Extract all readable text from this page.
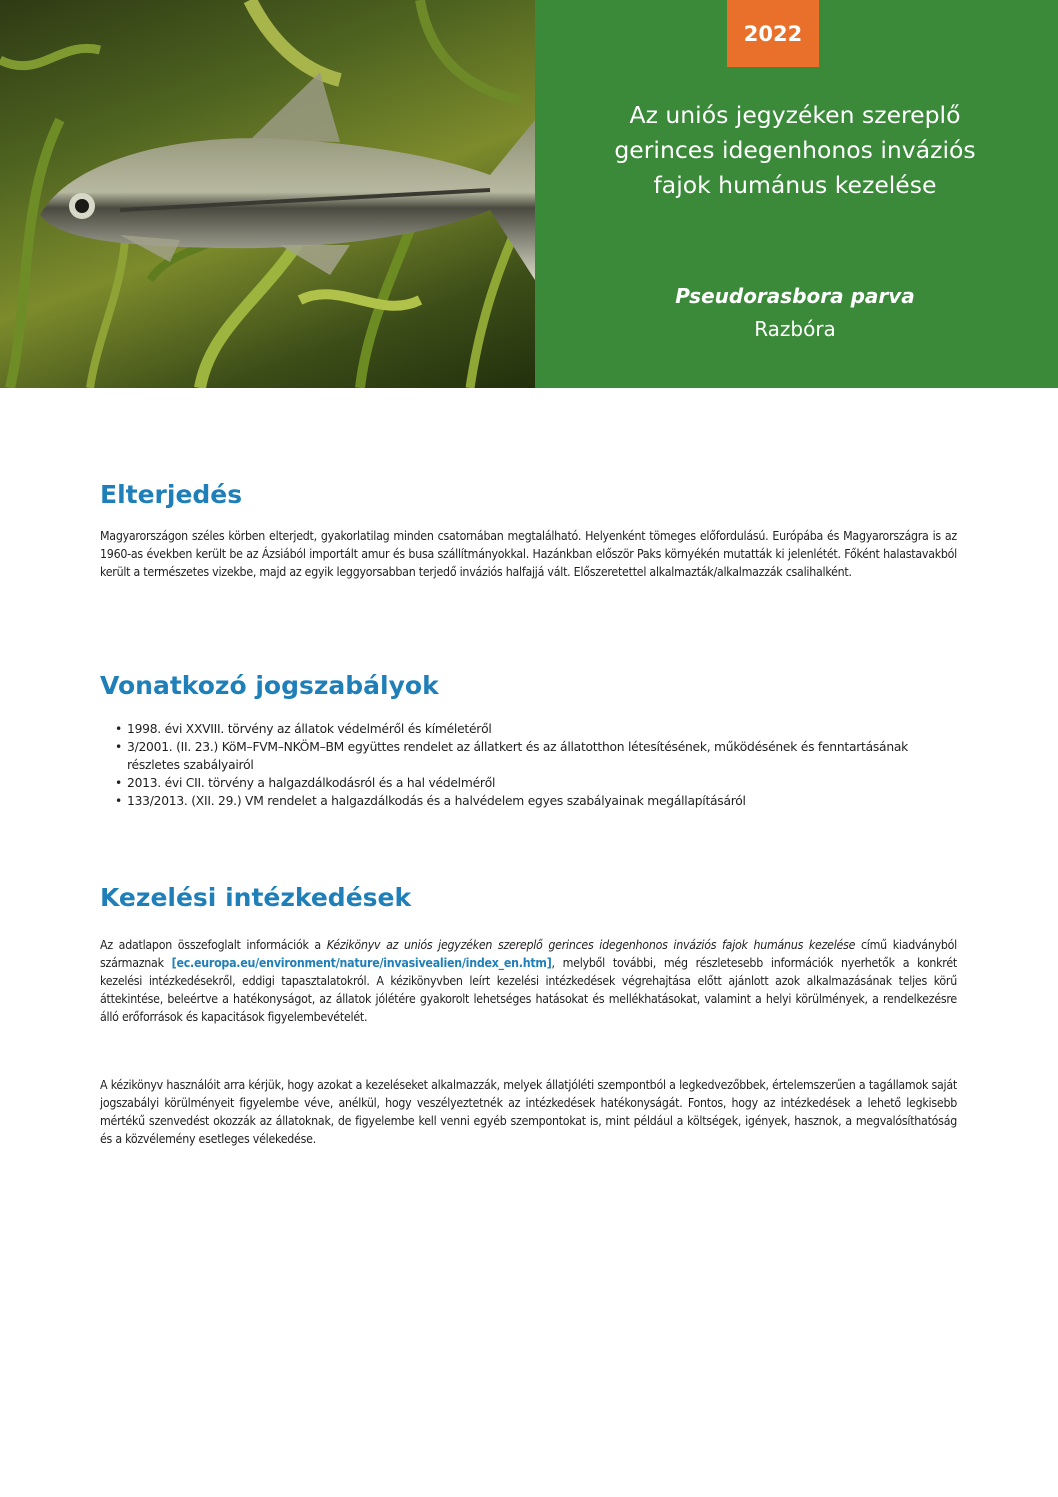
2022
Az uniós jegyzéken szereplő
gerinces idegenhonos inváziós
fajok humánus kezelése
Pseudorasbora parva
Razbóra
Elterjedés

Magyarországon széles körben elterjedt, gyakorlatilag minden csatornában megtalálható. Helyenként tömeges előfordulású. Európába és Magyarországra is az 1960-as években került be az Ázsiából importált amur és busa szállítmányokkal. Hazánkban először Paks környékén mutatták ki jelenlétét. Főként halastavakból került a természetes vizekbe, majd az egyik leggyorsabban terjedő inváziós halfajjá vált. Előszeretettel alkalmazták/alkalmazzák csalihalként.

Vonatkozó jogszabályok
• 1998. évi XXVIII. törvény az állatok védelméről és kíméletéről
• 3/2001. (II. 23.) KöM–FVM–NKÖM–BM együttes rendelet az állatkert és az állatotthon létesítésének, működésének és fenntartásának részletes szabályairól
• 2013. évi CII. törvény a halgazdálkodásról és a hal védelméről
• 133/2013. (XII. 29.) VM rendelet a halgazdálkodás és a halvédelem egyes szabályainak megállapításáról
Kezelési intézkedések

Az adatlapon összefoglalt információk a Kézikönyv az uniós jegyzéken szereplő gerinces idegenhonos inváziós fajok humánus kezelése című kiadványból származnak [ec.europa.eu/environment/nature/invasivealien/index_en.htm], melyből további, még részletesebb információk nyerhetők a konkrét kezelési intézkedésekről, eddigi tapasztalatokról. A kézikönyvben leírt kezelési intézkedések végrehajtása előtt ajánlott azok alkalmazásának teljes körű áttekintése, beleértve a hatékonyságot, az állatok jólétére gyakorolt lehetséges hatásokat és mellékhatásokat, valamint a helyi körülmények, a rendelkezésre álló erőforrások és kapacitások figyelembevételét.

A kézikönyv használóit arra kérjük, hogy azokat a kezeléseket alkalmazzák, melyek állatjóléti szempontból a legkedvezőbbek, értelemszerűen a tagállamok saját jogszabályi körülményeit figyelembe véve, anélkül, hogy veszélyeztetnék az intézkedések hatékonyságát. Fontos, hogy az intézkedések a lehető legkisebb mértékű szenvedést okozzák az állatoknak, de figyelembe kell venni egyéb szempontokat is, mint például a költségek, igények, hasznok, a megvalósíthatóság és a közvélemény esetleges vélekedése.
